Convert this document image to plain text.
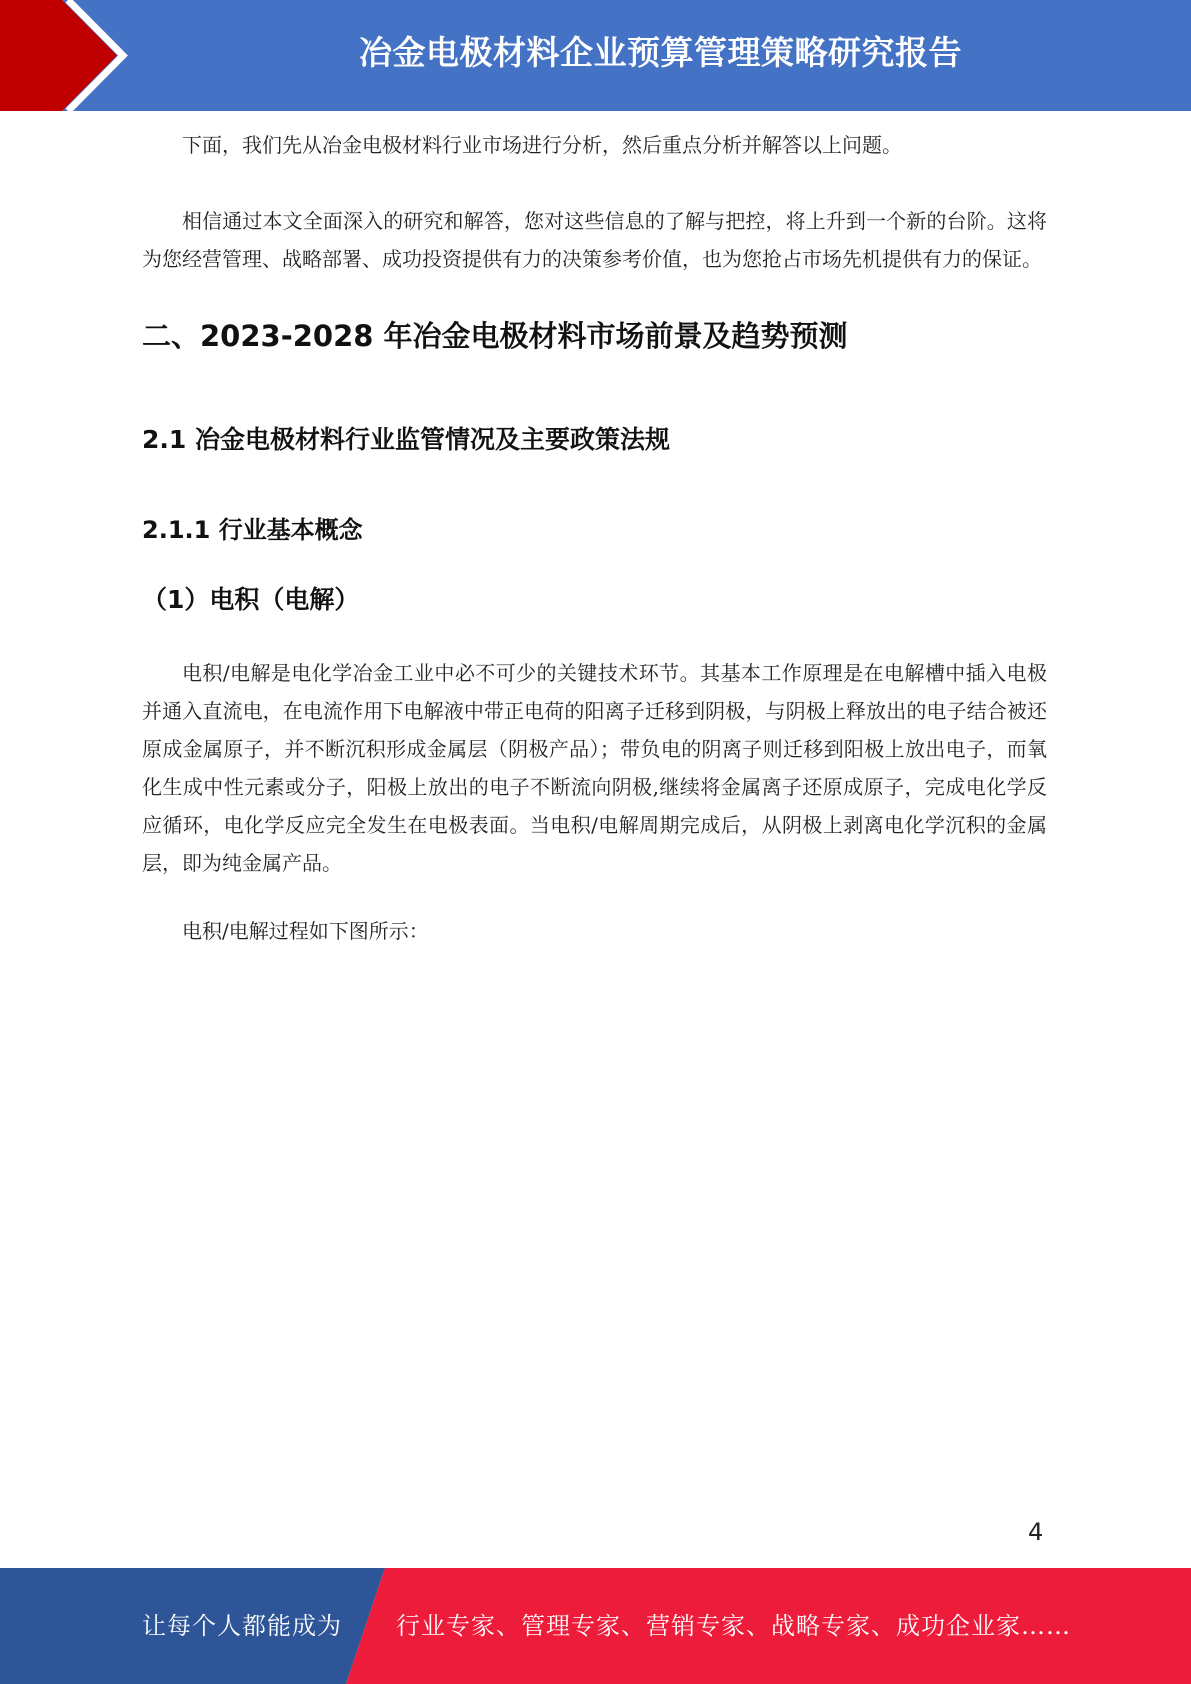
冶金电极材料企业预算管理策略研究报告

下面，我们先从冶金电极材料行业市场进行分析，然后重点分析并解答以上问题。

相信通过本文全面深入的研究和解答，您对这些信息的了解与把控，将上升到一个新的台阶。这将为您经营管理、战略部署、成功投资提供有力的决策参考价值，也为您抢占市场先机提供有力的保证。

二、2023-2028 年冶金电极材料市场前景及趋势预测
2.1 冶金电极材料行业监管情况及主要政策法规
2.1.1 行业基本概念
（1）电积（电解）

电积/电解是电化学冶金工业中必不可少的关键技术环节。其基本工作原理是在电解槽中插入电极并通入直流电，在电流作用下电解液中带正电荷的阳离子迁移到阴极，与阴极上释放出的电子结合被还原成金属原子，并不断沉积形成金属层（阴极产品）；带负电的阴离子则迁移到阳极上放出电子，而氧化生成中性元素或分子，阳极上放出的电子不断流向阴极,继续将金属离子还原成原子，完成电化学反应循环，电化学反应完全发生在电极表面。当电积/电解周期完成后，从阴极上剥离电化学沉积的金属层，即为纯金属产品。

电积/电解过程如下图所示：

4
让每个人都能成为 行业专家、管理专家、营销专家、战略专家、成功企业家……
